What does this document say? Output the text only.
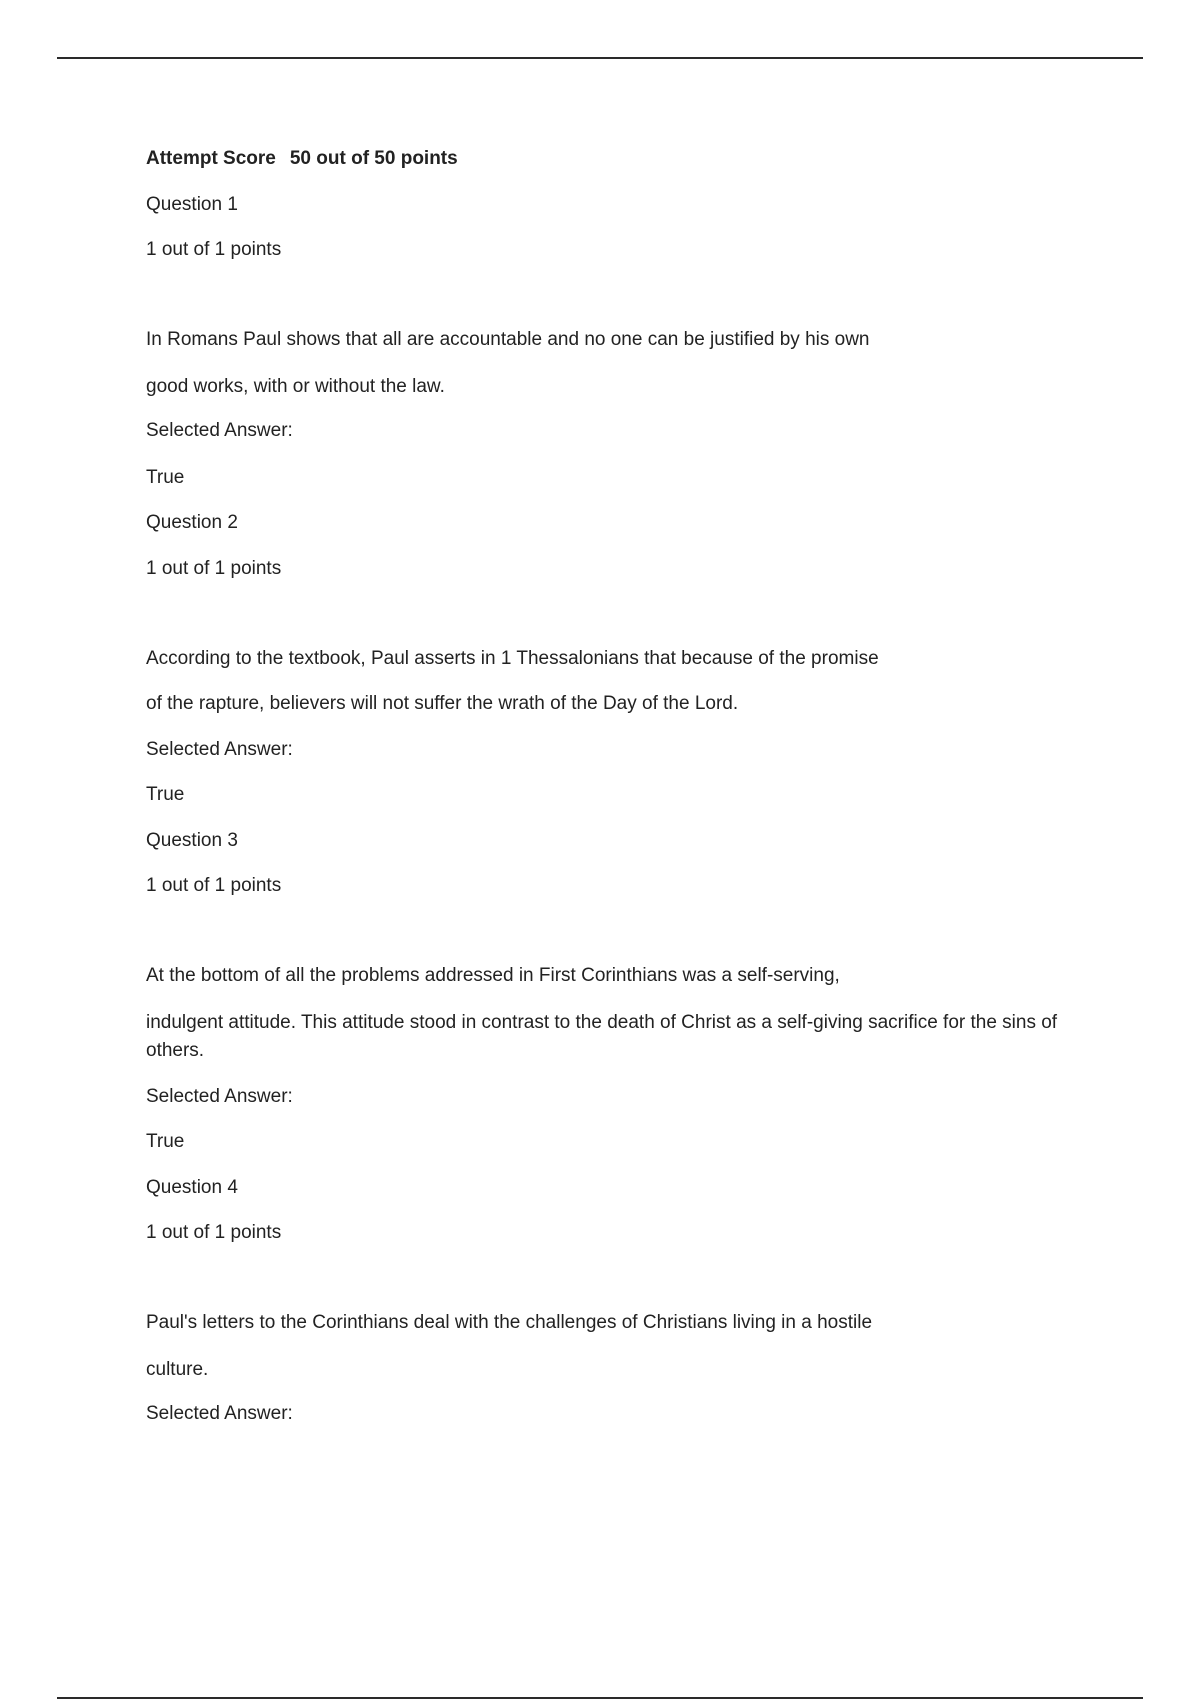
Attempt Score 50 out of 50 points
Question 1
1 out of 1 points
In Romans Paul shows that all are accountable and no one can be justified by his own
good works, with or without the law.
Selected Answer:
True
Question 2
1 out of 1 points
According to the textbook, Paul asserts in 1 Thessalonians that because of the promise
of the rapture, believers will not suffer the wrath of the Day of the Lord.
Selected Answer:
True
Question 3
1 out of 1 points
At the bottom of all the problems addressed in First Corinthians was a self-serving,
indulgent attitude. This attitude stood in contrast to the death of Christ as a self-giving sacrifice for the sins of others.
Selected Answer:
True
Question 4
1 out of 1 points
Paul's letters to the Corinthians deal with the challenges of Christians living in a hostile
culture.
Selected Answer:
